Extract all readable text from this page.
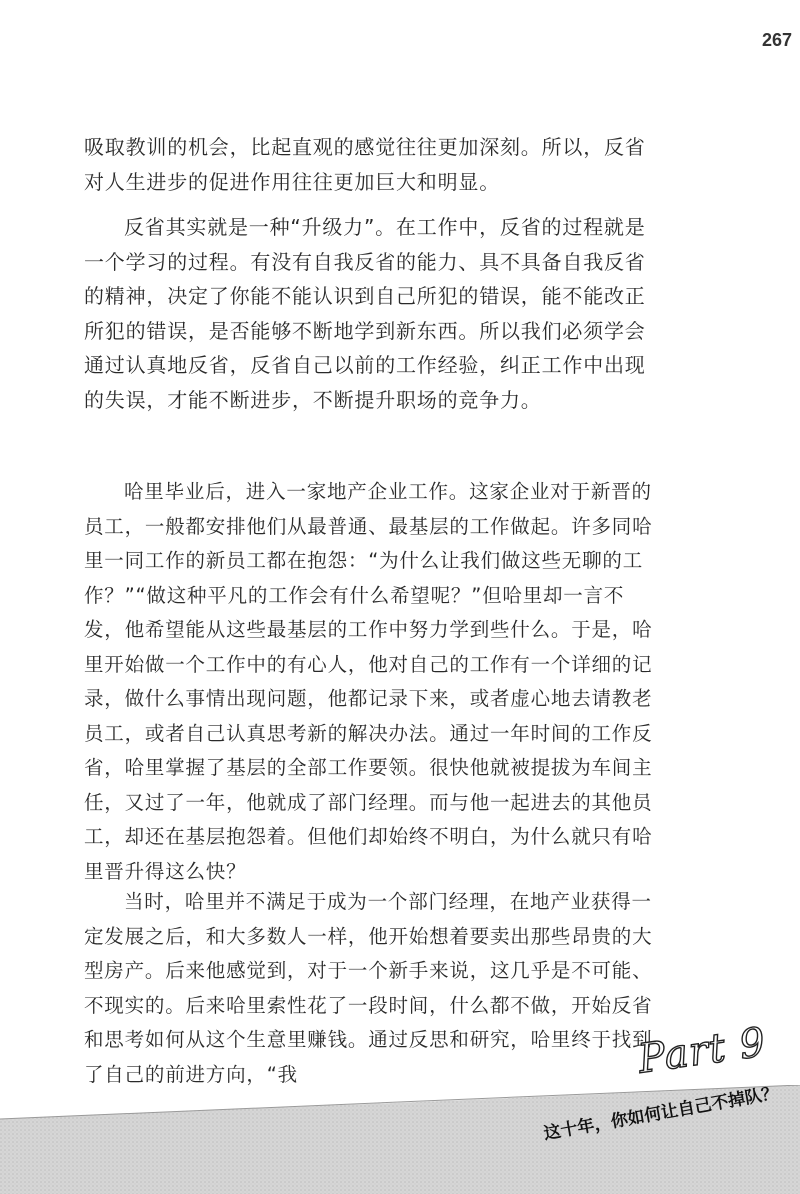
267

吸取教训的机会，比起直观的感觉往往更加深刻。所以，反省对人生进步的促进作用往往更加巨大和明显。

反省其实就是一种“升级力”。在工作中，反省的过程就是一个学习的过程。有没有自我反省的能力、具不具备自我反省的精神，决定了你能不能认识到自己所犯的错误，能不能改正所犯的错误，是否能够不断地学到新东西。所以我们必须学会通过认真地反省，反省自己以前的工作经验，纠正工作中出现的失误，才能不断进步，不断提升职场的竞争力。

哈里毕业后，进入一家地产企业工作。这家企业对于新晋的员工，一般都安排他们从最普通、最基层的工作做起。许多同哈里一同工作的新员工都在抱怨：“为什么让我们做这些无聊的工作？”“做这种平凡的工作会有什么希望呢？”但哈里却一言不发，他希望能从这些最基层的工作中努力学到些什么。于是，哈里开始做一个工作中的有心人，他对自己的工作有一个详细的记录，做什么事情出现问题，他都记录下来，或者虚心地去请教老员工，或者自己认真思考新的解决办法。通过一年时间的工作反省，哈里掌握了基层的全部工作要领。很快他就被提拔为车间主任，又过了一年，他就成了部门经理。而与他一起进去的其他员工，却还在基层抱怨着。但他们却始终不明白，为什么就只有哈里晋升得这么快？

当时，哈里并不满足于成为一个部门经理，在地产业获得一定发展之后，和大多数人一样，他开始想着要卖出那些昂贵的大型房产。后来他感觉到，对于一个新手来说，这几乎是不可能、不现实的。后来哈里索性花了一段时间，什么都不做，开始反省和思考如何从这个生意里赚钱。通过反思和研究，哈里终于找到了自己的前进方向，“我	Part 9
这十年，你如何让自己不掉队？
